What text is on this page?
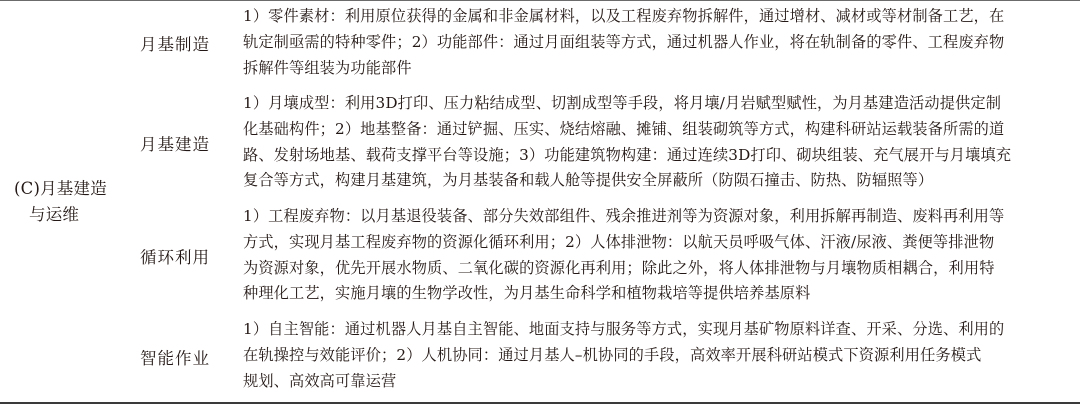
(C)月基建造
与运维
月基制造
1）零件素材：利用原位获得的金属和非金属材料，以及工程废弃物拆解件，通过增材、减材或等材制备工艺，在
轨定制亟需的特种零件；2）功能部件：通过月面组装等方式，通过机器人作业，将在轨制备的零件、工程废弃物
拆解件等组装为功能部件
月基建造
1）月壤成型：利用3D打印、压力粘结成型、切割成型等手段，将月壤/月岩赋型赋性，为月基建造活动提供定制
化基础构件；2）地基整备：通过铲掘、压实、烧结熔融、摊铺、组装砌筑等方式，构建科研站运载装备所需的道
路、发射场地基、载荷支撑平台等设施；3）功能建筑物构建：通过连续3D打印、砌块组装、充气展开与月壤填充
复合等方式，构建月基建筑，为月基装备和载人舱等提供安全屏蔽所（防陨石撞击、防热、防辐照等）
循环利用
1）工程废弃物：以月基退役装备、部分失效部组件、残余推进剂等为资源对象，利用拆解再制造、废料再利用等
方式，实现月基工程废弃物的资源化循环利用；2）人体排泄物：以航天员呼吸气体、汗液/尿液、粪便等排泄物
为资源对象，优先开展水物质、二氧化碳的资源化再利用；除此之外，将人体排泄物与月壤物质相耦合，利用特
种理化工艺，实施月壤的生物学改性，为月基生命科学和植物栽培等提供培养基原料
智能作业
1）自主智能：通过机器人月基自主智能、地面支持与服务等方式，实现月基矿物原料详查、开采、分选、利用的
在轨操控与效能评价；2）人机协同：通过月基人–机协同的手段，高效率开展科研站模式下资源利用任务模式
规划、高效高可靠运营
